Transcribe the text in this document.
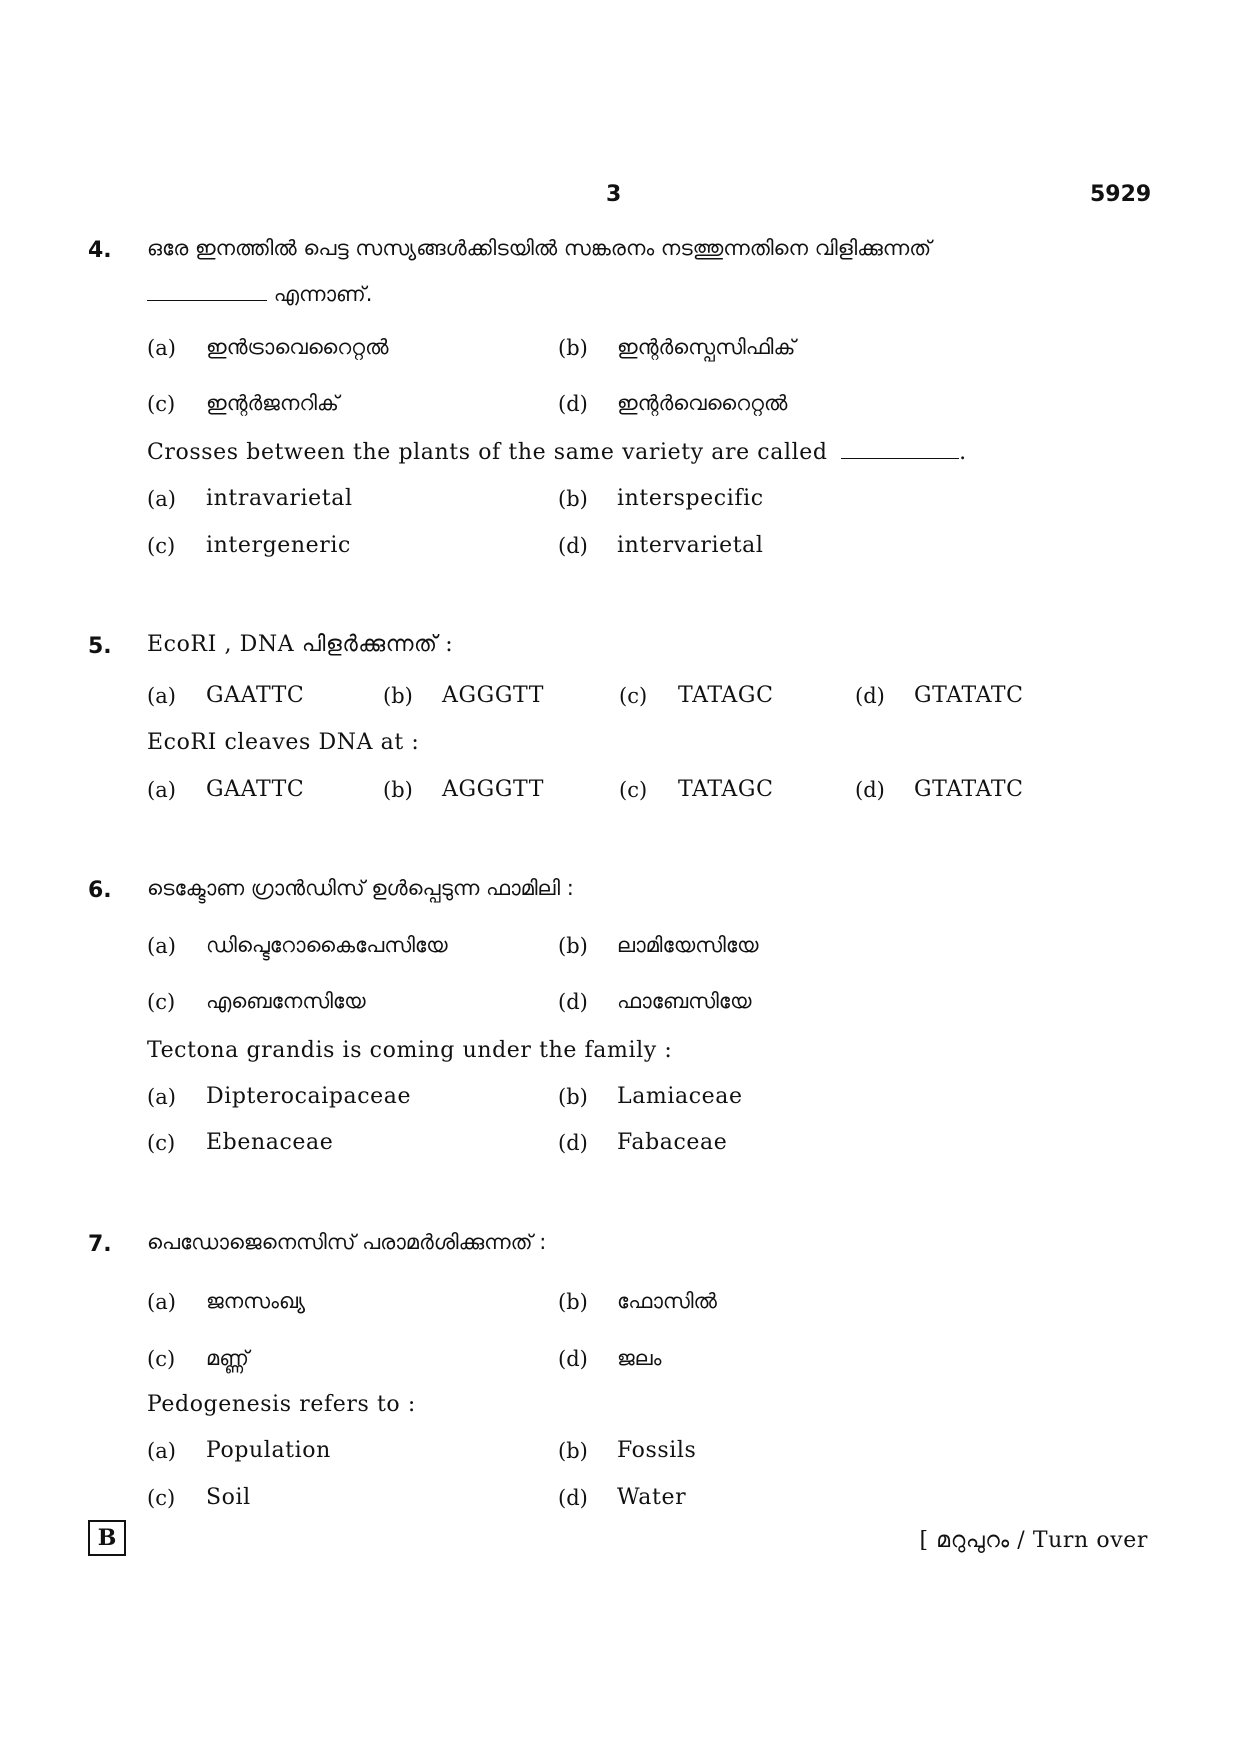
3	5929
4. ഒരേ ഇനത്തിൽ പെട്ട സസ്യങ്ങൾക്കിടയിൽ സങ്കരനം നടത്തുന്നതിനെ വിളിക്കുന്നത്
എന്നാണ്.
(a) ഇൻട്രാവെറൈറ്റൽ	(b) ഇന്റർസ്പെസിഫിക്
(c) ഇന്റർജനറിക്	(d) ഇന്റർവെറൈറ്റൽ
Crosses between the plants of the same variety are called	.
(a) intravarietal	(b) interspecific
(c) intergeneric	(d) intervarietal
5. EcoRI , DNA പിളർക്കുന്നത് :
(a) GAATTC	(b) AGGGTT	(c) TATAGC	(d) GTATATC
EcoRI cleaves DNA at :
(a) GAATTC	(b) AGGGTT	(c) TATAGC	(d) GTATATC
6. ടെക്ടോണ ഗ്രാൻഡിസ് ഉൾപ്പെടുന്ന ഫാമിലി :
(a) ഡിപ്ടെറോകൈപേസിയേ	(b) ലാമിയേസിയേ
(c) എബെനേസിയേ	(d) ഫാബേസിയേ
Tectona grandis is coming under the family :
(a) Dipterocaipaceae	(b) Lamiaceae
(c) Ebenaceae	(d) Fabaceae
7. പെഡോജെനെസിസ് പരാമർശിക്കുന്നത് :
(a) ജനസംഖ്യ	(b) ഫോസിൽ
(c) മണ്ണ്	(d) ജലം
Pedogenesis refers to :
(a) Population	(b) Fossils
(c) Soil	(d) Water
B	[ മറുപുറം / Turn over
